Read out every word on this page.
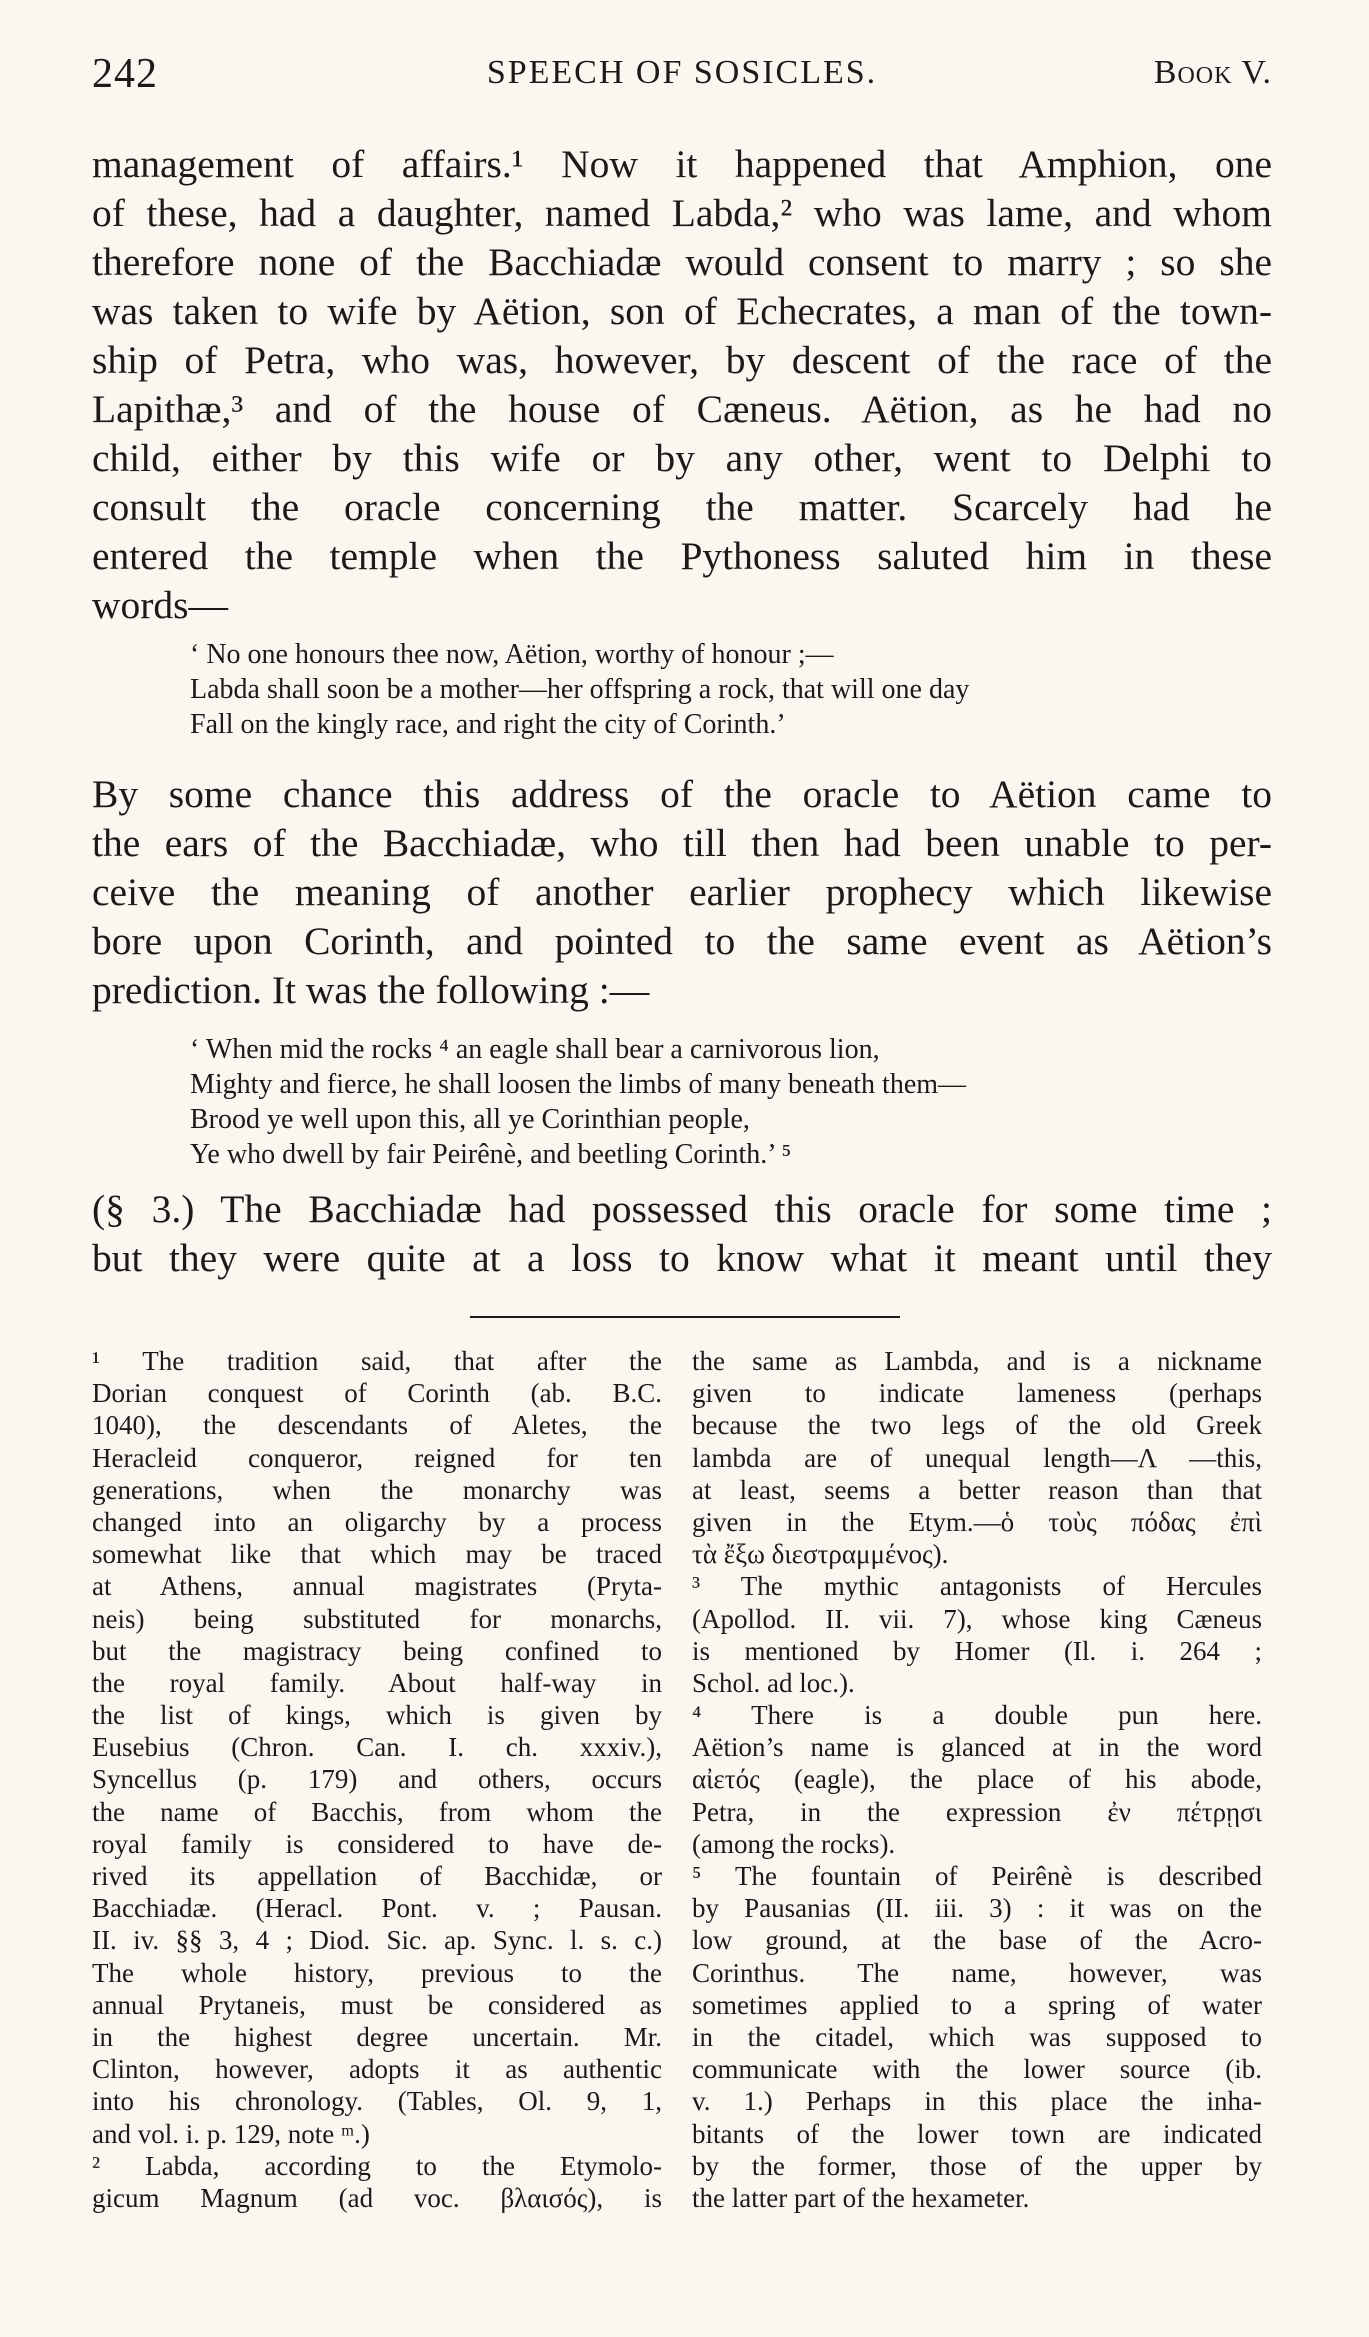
242	SPEECH OF SOSICLES.	Book V.
management of affairs.¹ Now it happened that Amphion, one
of these, had a daughter, named Labda,² who was lame, and whom
therefore none of the Bacchiadæ would consent to marry ; so she
was taken to wife by Aëtion, son of Echecrates, a man of the town-
ship of Petra, who was, however, by descent of the race of the
Lapithæ,³ and of the house of Cæneus. Aëtion, as he had no
child, either by this wife or by any other, went to Delphi to
consult the oracle concerning the matter. Scarcely had he
entered the temple when the Pythoness saluted him in these
words—
‘ No one honours thee now, Aëtion, worthy of honour ;—
Labda shall soon be a mother—her offspring a rock, that will one day
Fall on the kingly race, and right the city of Corinth.’
By some chance this address of the oracle to Aëtion came to
the ears of the Bacchiadæ, who till then had been unable to per-
ceive the meaning of another earlier prophecy which likewise
bore upon Corinth, and pointed to the same event as Aëtion’s
prediction. It was the following :—
‘ When mid the rocks ⁴ an eagle shall bear a carnivorous lion,
Mighty and fierce, he shall loosen the limbs of many beneath them—
Brood ye well upon this, all ye Corinthian people,
Ye who dwell by fair Peirênè, and beetling Corinth.’ ⁵
(§ 3.) The Bacchiadæ had possessed this oracle for some time ;
but they were quite at a loss to know what it meant until they
¹ The tradition said, that after the
Dorian conquest of Corinth (ab. B.C.
1040), the descendants of Aletes, the
Heracleid conqueror, reigned for ten
generations, when the monarchy was
changed into an oligarchy by a process
somewhat like that which may be traced
at Athens, annual magistrates (Pryta-
neis) being substituted for monarchs,
but the magistracy being confined to
the royal family. About half-way in
the list of kings, which is given by
Eusebius (Chron. Can. I. ch. xxxiv.),
Syncellus (p. 179) and others, occurs
the name of Bacchis, from whom the
royal family is considered to have de-
rived its appellation of Bacchidæ, or
Bacchiadæ. (Heracl. Pont. v. ; Pausan.
II. iv. §§ 3, 4 ; Diod. Sic. ap. Sync. l. s. c.)
The whole history, previous to the
annual Prytaneis, must be considered as
in the highest degree uncertain. Mr.
Clinton, however, adopts it as authentic
into his chronology. (Tables, Ol. 9, 1,
and vol. i. p. 129, note ᵐ.)
² Labda, according to the Etymolo-
gicum Magnum (ad voc. βλαισός), is
the same as Lambda, and is a nickname
given to indicate lameness (perhaps
because the two legs of the old Greek
lambda are of unequal length—Λ —this,
at least, seems a better reason than that
given in the Etym.—ὁ τοὺς πόδας ἐπὶ
τὰ ἔξω διεστραμμένος).
³ The mythic antagonists of Hercules
(Apollod. II. vii. 7), whose king Cæneus
is mentioned by Homer (Il. i. 264 ;
Schol. ad loc.).
⁴ There is a double pun here.
Aëtion’s name is glanced at in the word
αἰετός (eagle), the place of his abode,
Petra, in the expression ἐν πέτρῃσι
(among the rocks).
⁵ The fountain of Peirênè is described
by Pausanias (II. iii. 3) : it was on the
low ground, at the base of the Acro-
Corinthus. The name, however, was
sometimes applied to a spring of water
in the citadel, which was supposed to
communicate with the lower source (ib.
v. 1.) Perhaps in this place the inha-
bitants of the lower town are indicated
by the former, those of the upper by
the latter part of the hexameter.
